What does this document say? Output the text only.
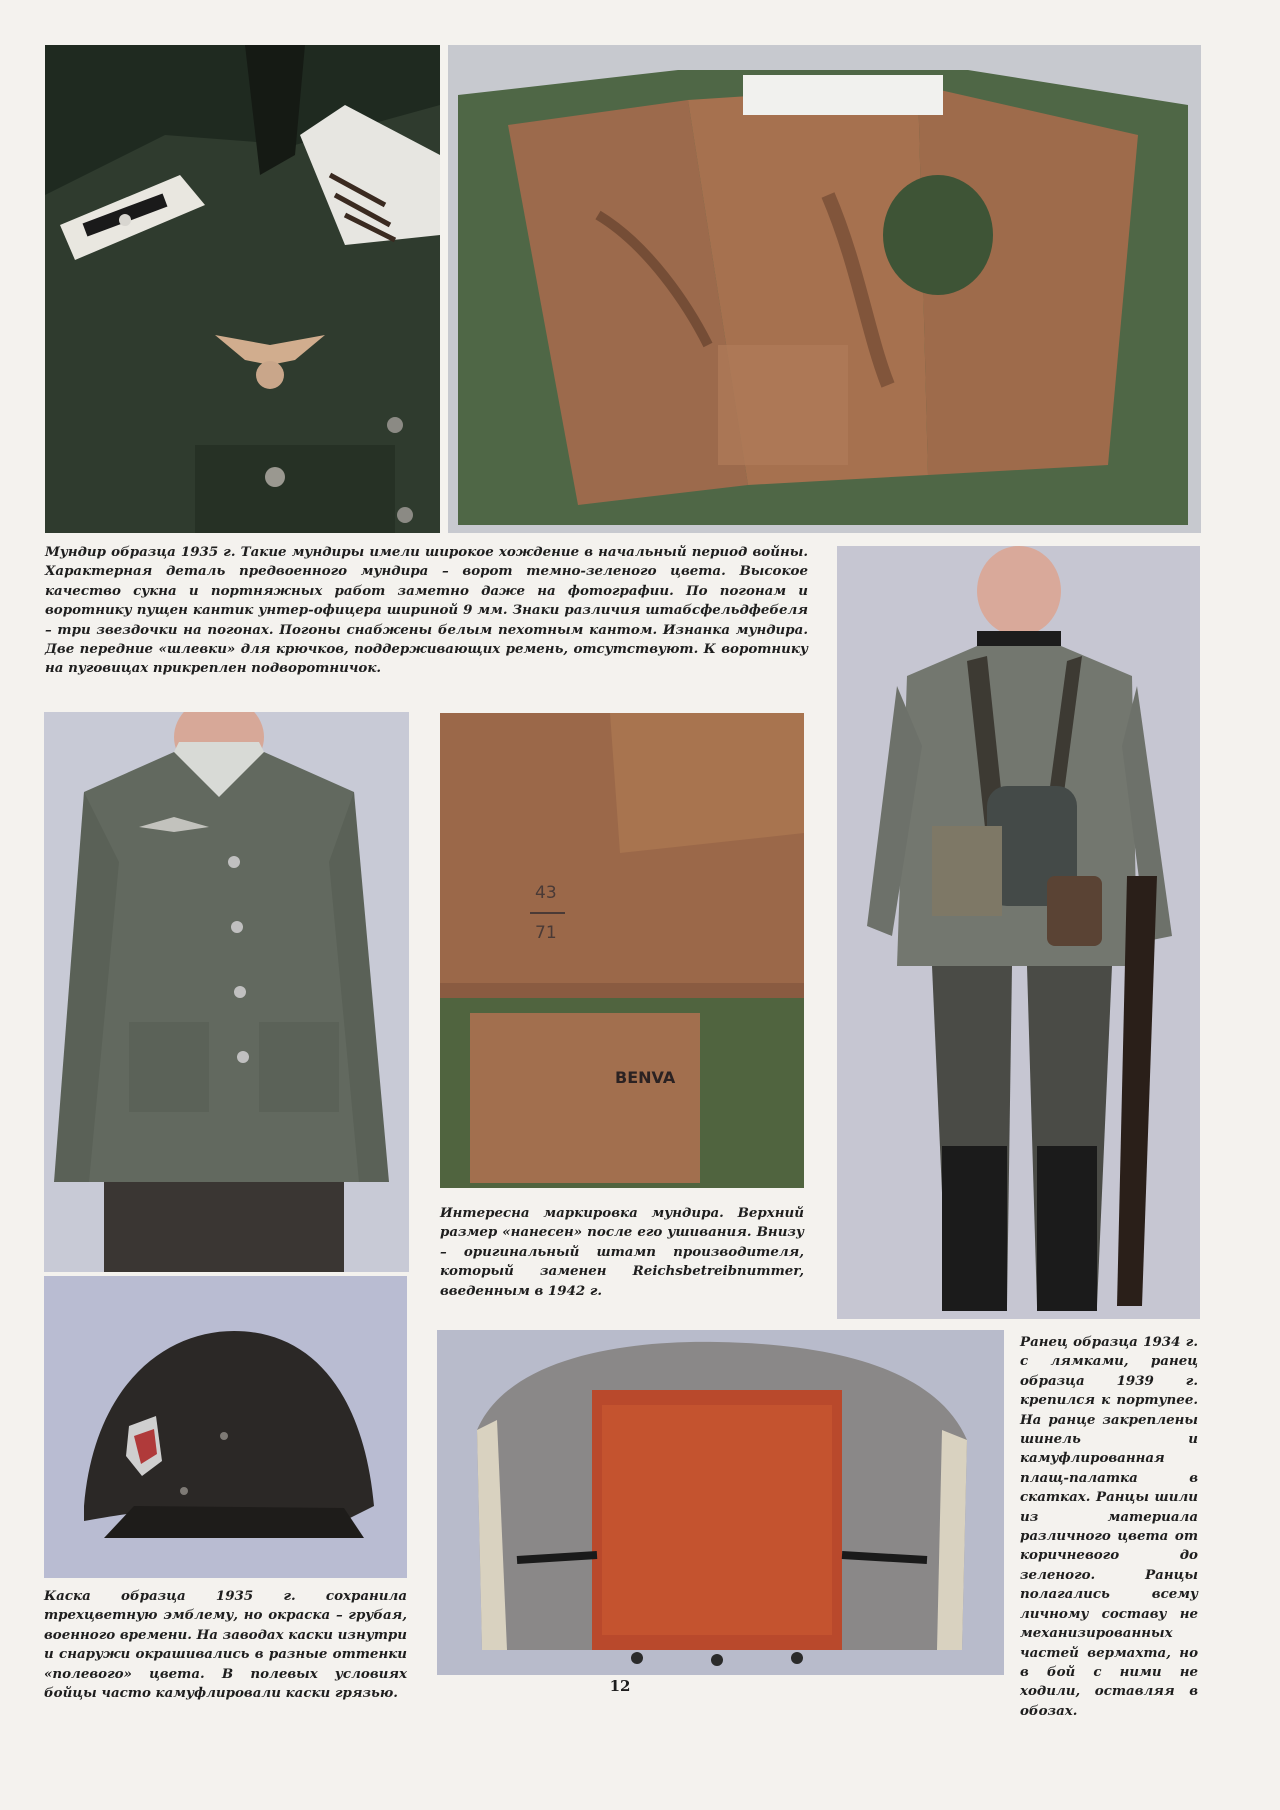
Мундир образца 1935 г. Такие мундиры имели широкое хождение в начальный период войны. Характерная деталь предвоенного мундира – ворот темно-зеленого цвета. Высокое качество сукна и портняжных работ заметно даже на фотографии. По погонам и воротнику пущен кантик унтер-офицера шириной 9 мм. Знаки различия штабсфельдфебеля – три звездочки на погонах. Погоны снабжены белым пехотным кантом. Изнанка мундира. Две передние «шлевки» для крючков, поддерживающих ремень, отсутствуют. К воротнику на пуговицах прикреплен подворотничок.

43
71
BENVA

Интересна маркировка мундира. Верхний размер «нанесен» после его ушивания. Внизу – оригинальный штамп производителя, который заменен Reichsbetreibnummer, введенным в 1942 г.

Каска образца 1935 г. сохранила трехцветную эмблему, но окраска – грубая, военного времени. На заводах каски изнутри и снаружи окрашивались в разные оттенки «полевого» цвета. В полевых условиях бойцы часто камуфлировали каски грязью.

Ранец образца 1934 г. с лямками, ранец образца 1939 г. крепился к портупее. На ранце закреплены шинель и камуфлированная плащ-палатка в скатках. Ранцы шили из материала различного цвета от коричневого до зеленого. Ранцы полагались всему личному составу не механизированных частей вермахта, но в бой с ними не ходили, оставляя в обозах.

12
